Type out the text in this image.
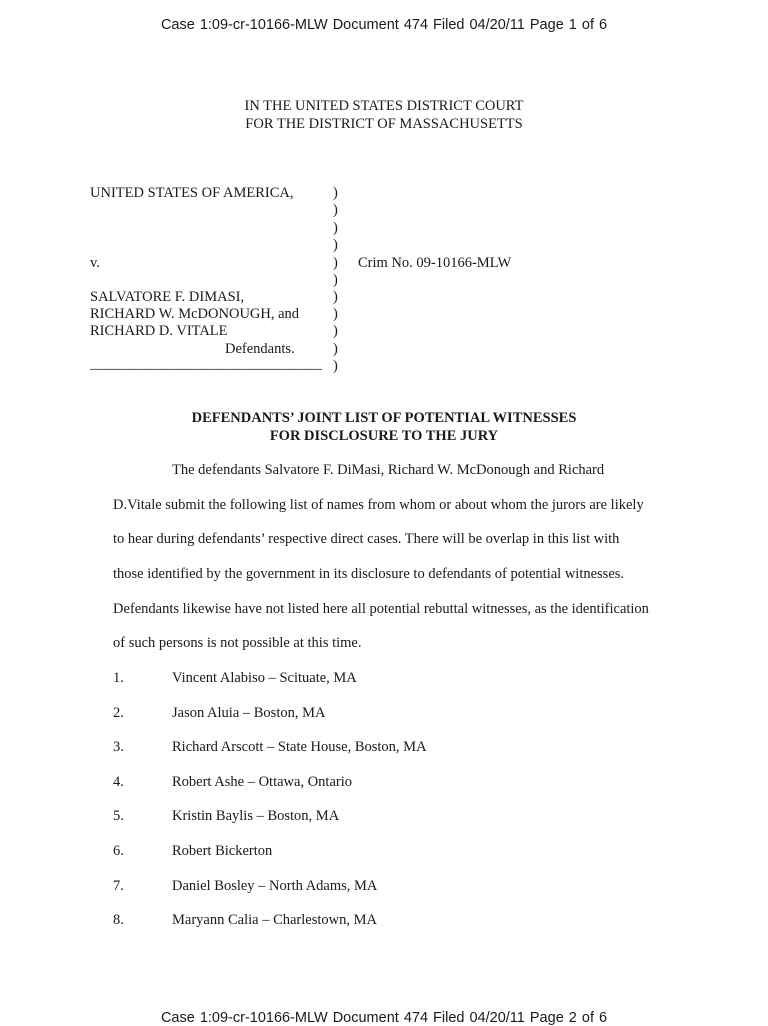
Case 1:09-cr-10166-MLW Document 474 Filed 04/20/11 Page 1 of 6
IN THE UNITED STATES DISTRICT COURT
FOR THE DISTRICT OF MASSACHUSETTS
UNITED STATES OF AMERICA,
v.
SALVATORE F. DIMASI,
RICHARD W. McDONOUGH, and
RICHARD D. VITALE
Defendants.
________________________________
)
)
)
)
)
)
)
)
)
)
)
Crim No. 09-10166-MLW
DEFENDANTS’ JOINT LIST OF POTENTIAL WITNESSES
FOR DISCLOSURE TO THE JURY
The defendants Salvatore F. DiMasi, Richard W. McDonough and Richard
D.Vitale submit the following list of names from whom or about whom the jurors are likely
to hear during defendants’ respective direct cases. There will be overlap in this list with
those identified by the government in its disclosure to defendants of potential witnesses.
Defendants likewise have not listed here all potential rebuttal witnesses, as the identification
of such persons is not possible at this time.
1.	Vincent Alabiso – Scituate, MA
2.	Jason Aluia – Boston, MA
3.	Richard Arscott – State House, Boston, MA
4.	Robert Ashe – Ottawa, Ontario
5.	Kristin Baylis – Boston, MA
6.	Robert Bickerton
7.	Daniel Bosley – North Adams, MA
8.	Maryann Calia – Charlestown, MA
Case 1:09-cr-10166-MLW Document 474 Filed 04/20/11 Page 2 of 6
